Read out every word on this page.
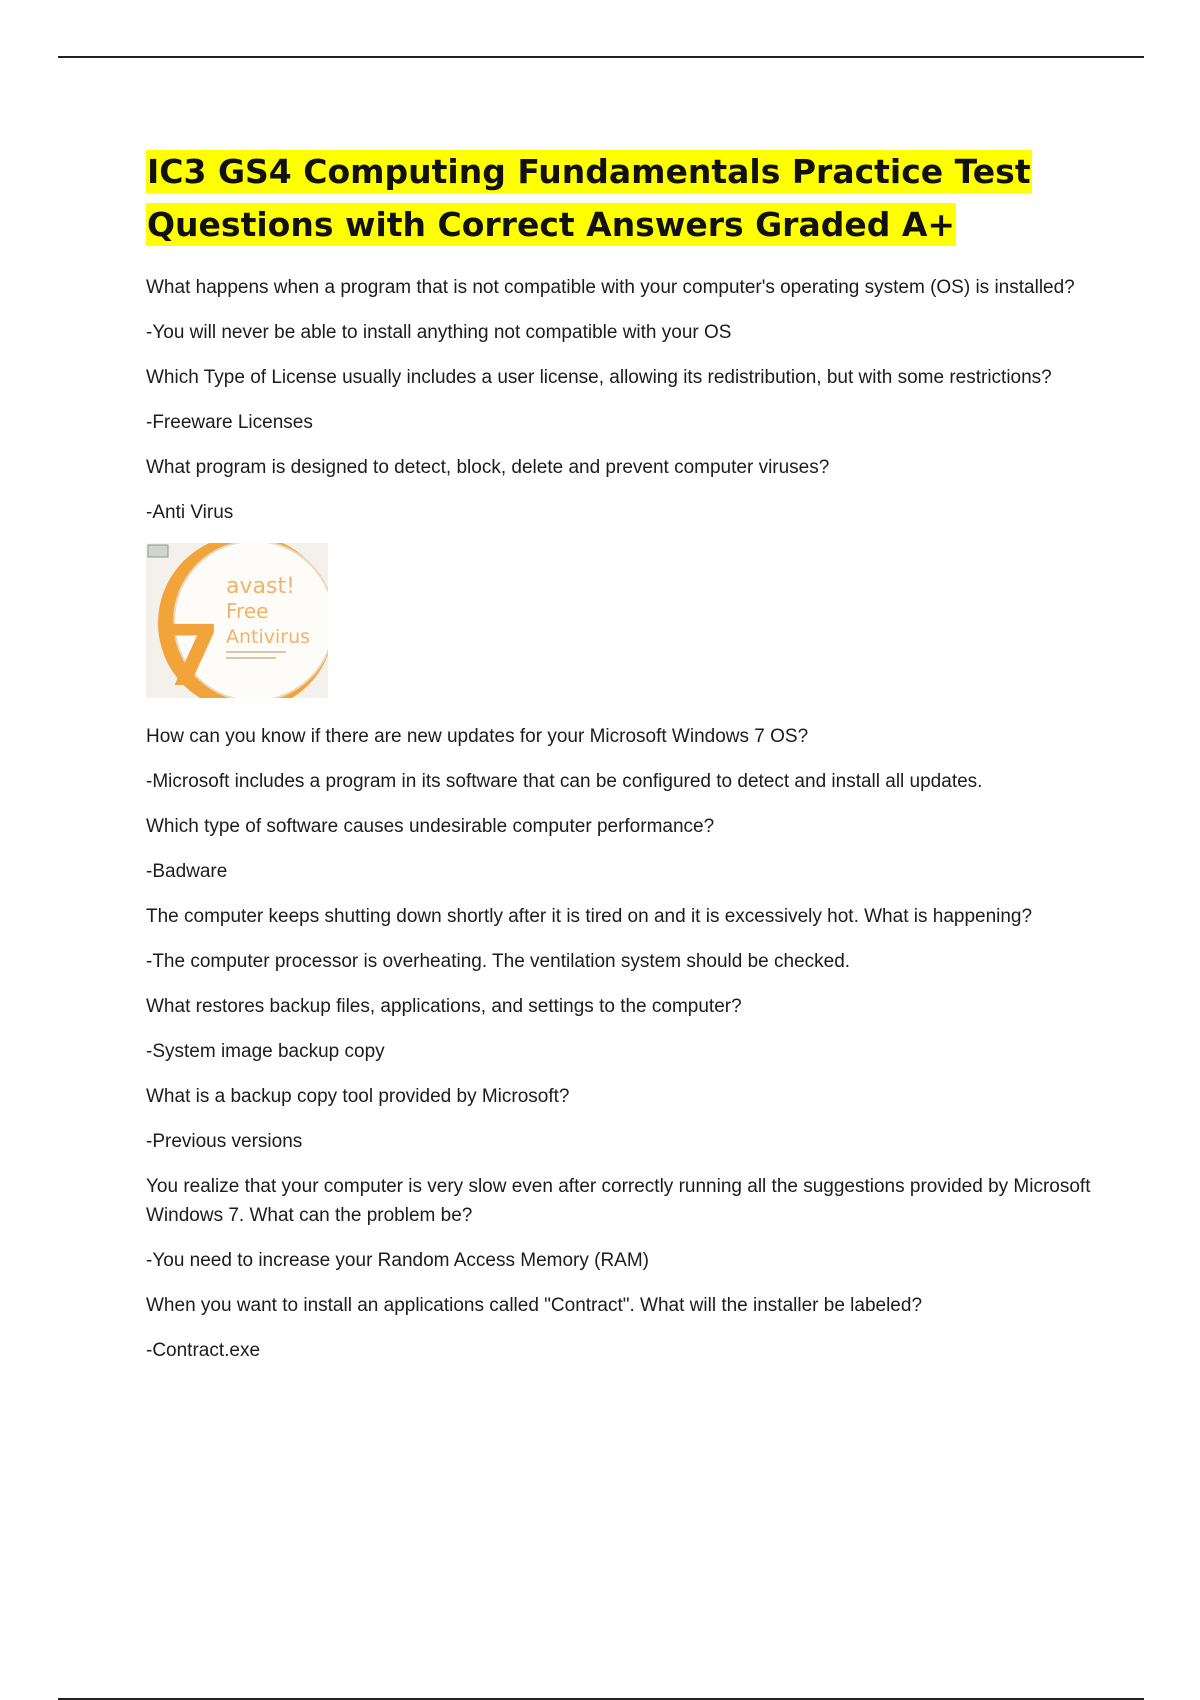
IC3 GS4 Computing Fundamentals Practice Test
Questions with Correct Answers Graded A+

What happens when a program that is not compatible with your computer's operating system (OS) is installed?

-You will never be able to install anything not compatible with your OS

Which Type of License usually includes a user license, allowing its redistribution, but with some restrictions?

-Freeware Licenses

What program is designed to detect, block, delete and prevent computer viruses?

-Anti Virus

7
avast!
Free
Antivirus

How can you know if there are new updates for your Microsoft Windows 7 OS?

-Microsoft includes a program in its software that can be configured to detect and install all updates.

Which type of software causes undesirable computer performance?

-Badware

The computer keeps shutting down shortly after it is tired on and it is excessively hot. What is happening?

-The computer processor is overheating. The ventilation system should be checked.

What restores backup files, applications, and settings to the computer?

-System image backup copy

What is a backup copy tool provided by Microsoft?

-Previous versions

You realize that your computer is very slow even after correctly running all the suggestions provided by Microsoft Windows 7. What can the problem be?

-You need to increase your Random Access Memory (RAM)

When you want to install an applications called "Contract". What will the installer be labeled?

-Contract.exe
